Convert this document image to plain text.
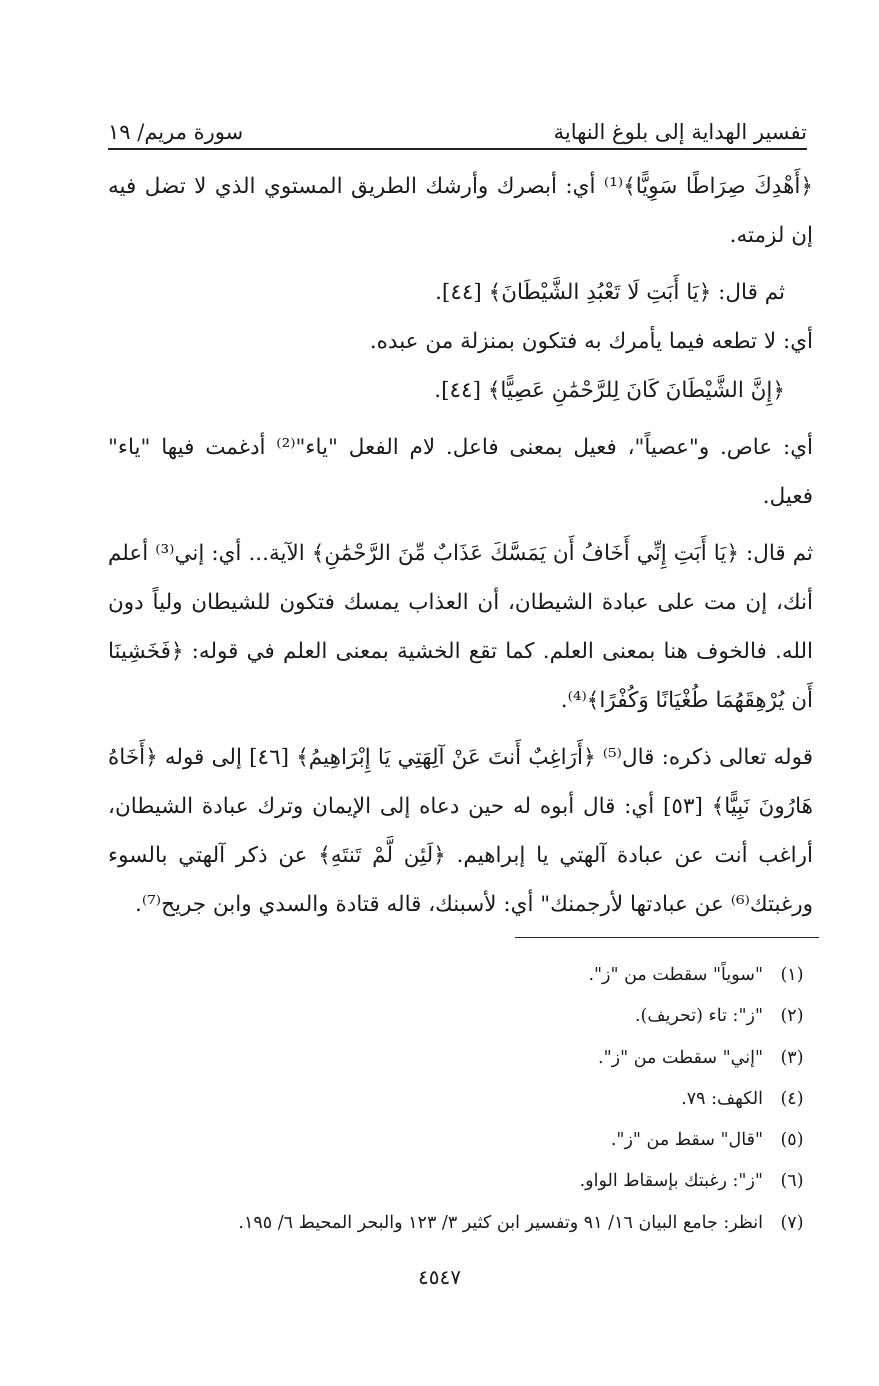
تفسير الهداية إلى بلوغ النهاية
سورة مريم/ ١٩

﴿أَهْدِكَ صِرَاطًا سَوِيًّا﴾⁽¹⁾ أي: أبصرك وأرشك الطريق المستوي الذي لا تضل فيه إن لزمته.

ثم قال: ﴿يَا أَبَتِ لَا تَعْبُدِ الشَّيْطَانَ﴾ [٤٤].

أي: لا تطعه فيما يأمرك به فتكون بمنزلة من عبده.

﴿إِنَّ الشَّيْطَانَ كَانَ لِلرَّحْمَٰنِ عَصِيًّا﴾ [٤٤].

أي: عاص. و"عصياً"، فعيل بمعنى فاعل. لام الفعل "ياء"⁽²⁾ أدغمت فيها "ياء" فعيل.

ثم قال: ﴿يَا أَبَتِ إِنِّي أَخَافُ أَن يَمَسَّكَ عَذَابٌ مِّنَ الرَّحْمَٰنِ﴾ الآية... أي: إني⁽³⁾ أعلم أنك، إن مت على عبادة الشيطان، أن العذاب يمسك فتكون للشيطان ولياً دون الله. فالخوف هنا بمعنى العلم. كما تقع الخشية بمعنى العلم في قوله: ﴿فَخَشِينَا أَن يُرْهِقَهُمَا طُغْيَانًا وَكُفْرًا﴾⁽⁴⁾.

قوله تعالى ذكره: قال⁽⁵⁾ ﴿أَرَاغِبٌ أَنتَ عَنْ آلِهَتِي يَا إِبْرَاهِيمُ﴾ [٤٦] إلى قوله ﴿أَخَاهُ هَارُونَ نَبِيًّا﴾ [٥٣] أي: قال أبوه له حين دعاه إلى الإيمان وترك عبادة الشيطان، أراغب أنت عن عبادة آلهتي يا إبراهيم. ﴿لَئِن لَّمْ تَنتَهِ﴾ عن ذكر آلهتي بالسوء ورغبتك⁽⁶⁾ عن عبادتها لأرجمنك" أي: لأسبنك، قاله قتادة والسدي وابن جريح⁽⁷⁾.

(١)
"سوياً" سقطت من "ز".
(٢)
"ز": تاء (تحريف).
(٣)
"إني" سقطت من "ز".
(٤)
الكهف: ٧٩.
(٥)
"قال" سقط من "ز".
(٦)
"ز": رغبتك بإسقاط الواو.
(٧)
انظر: جامع البيان ١٦/ ٩١ وتفسير ابن كثير ٣/ ١٢٣ والبحر المحيط ٦/ ١٩٥.
٤٥٤٧
